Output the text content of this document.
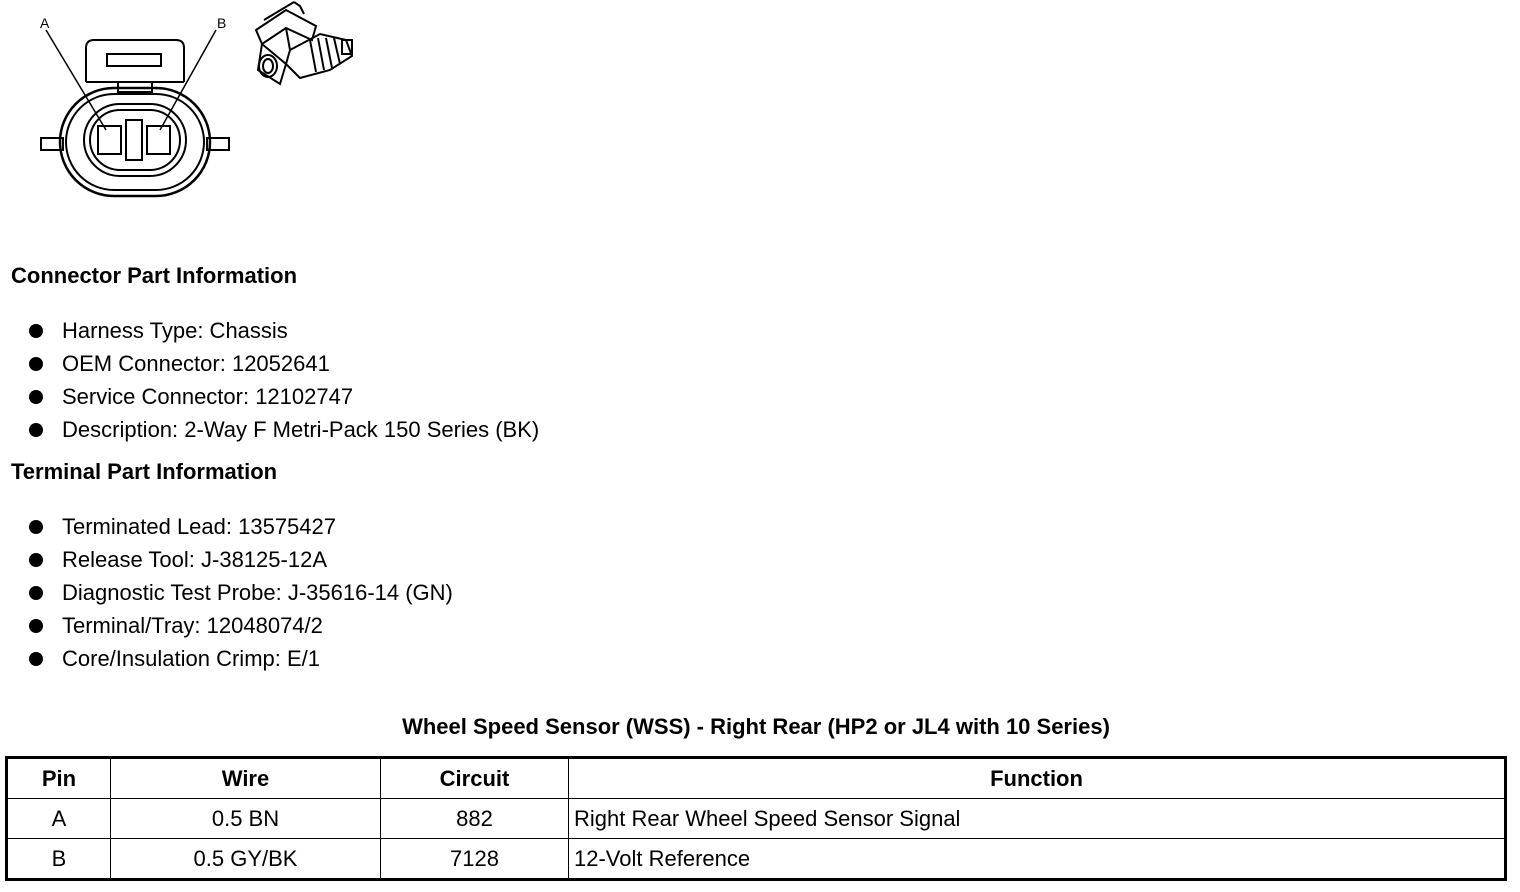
A	B
Connector Part Information
Harness Type: Chassis
OEM Connector: 12052641
Service Connector: 12102747
Description: 2-Way F Metri-Pack 150 Series (BK)
Terminal Part Information
Terminated Lead: 13575427
Release Tool: J-38125-12A
Diagnostic Test Probe: J-35616-14 (GN)
Terminal/Tray: 12048074/2
Core/Insulation Crimp: E/1
Wheel Speed Sensor (WSS) - Right Rear (HP2 or JL4 with 10 Series)
Pin	Wire	Circuit	Function
A	0.5 BN	882	Right Rear Wheel Speed Sensor Signal
B	0.5 GY/BK	7128	12-Volt Reference
